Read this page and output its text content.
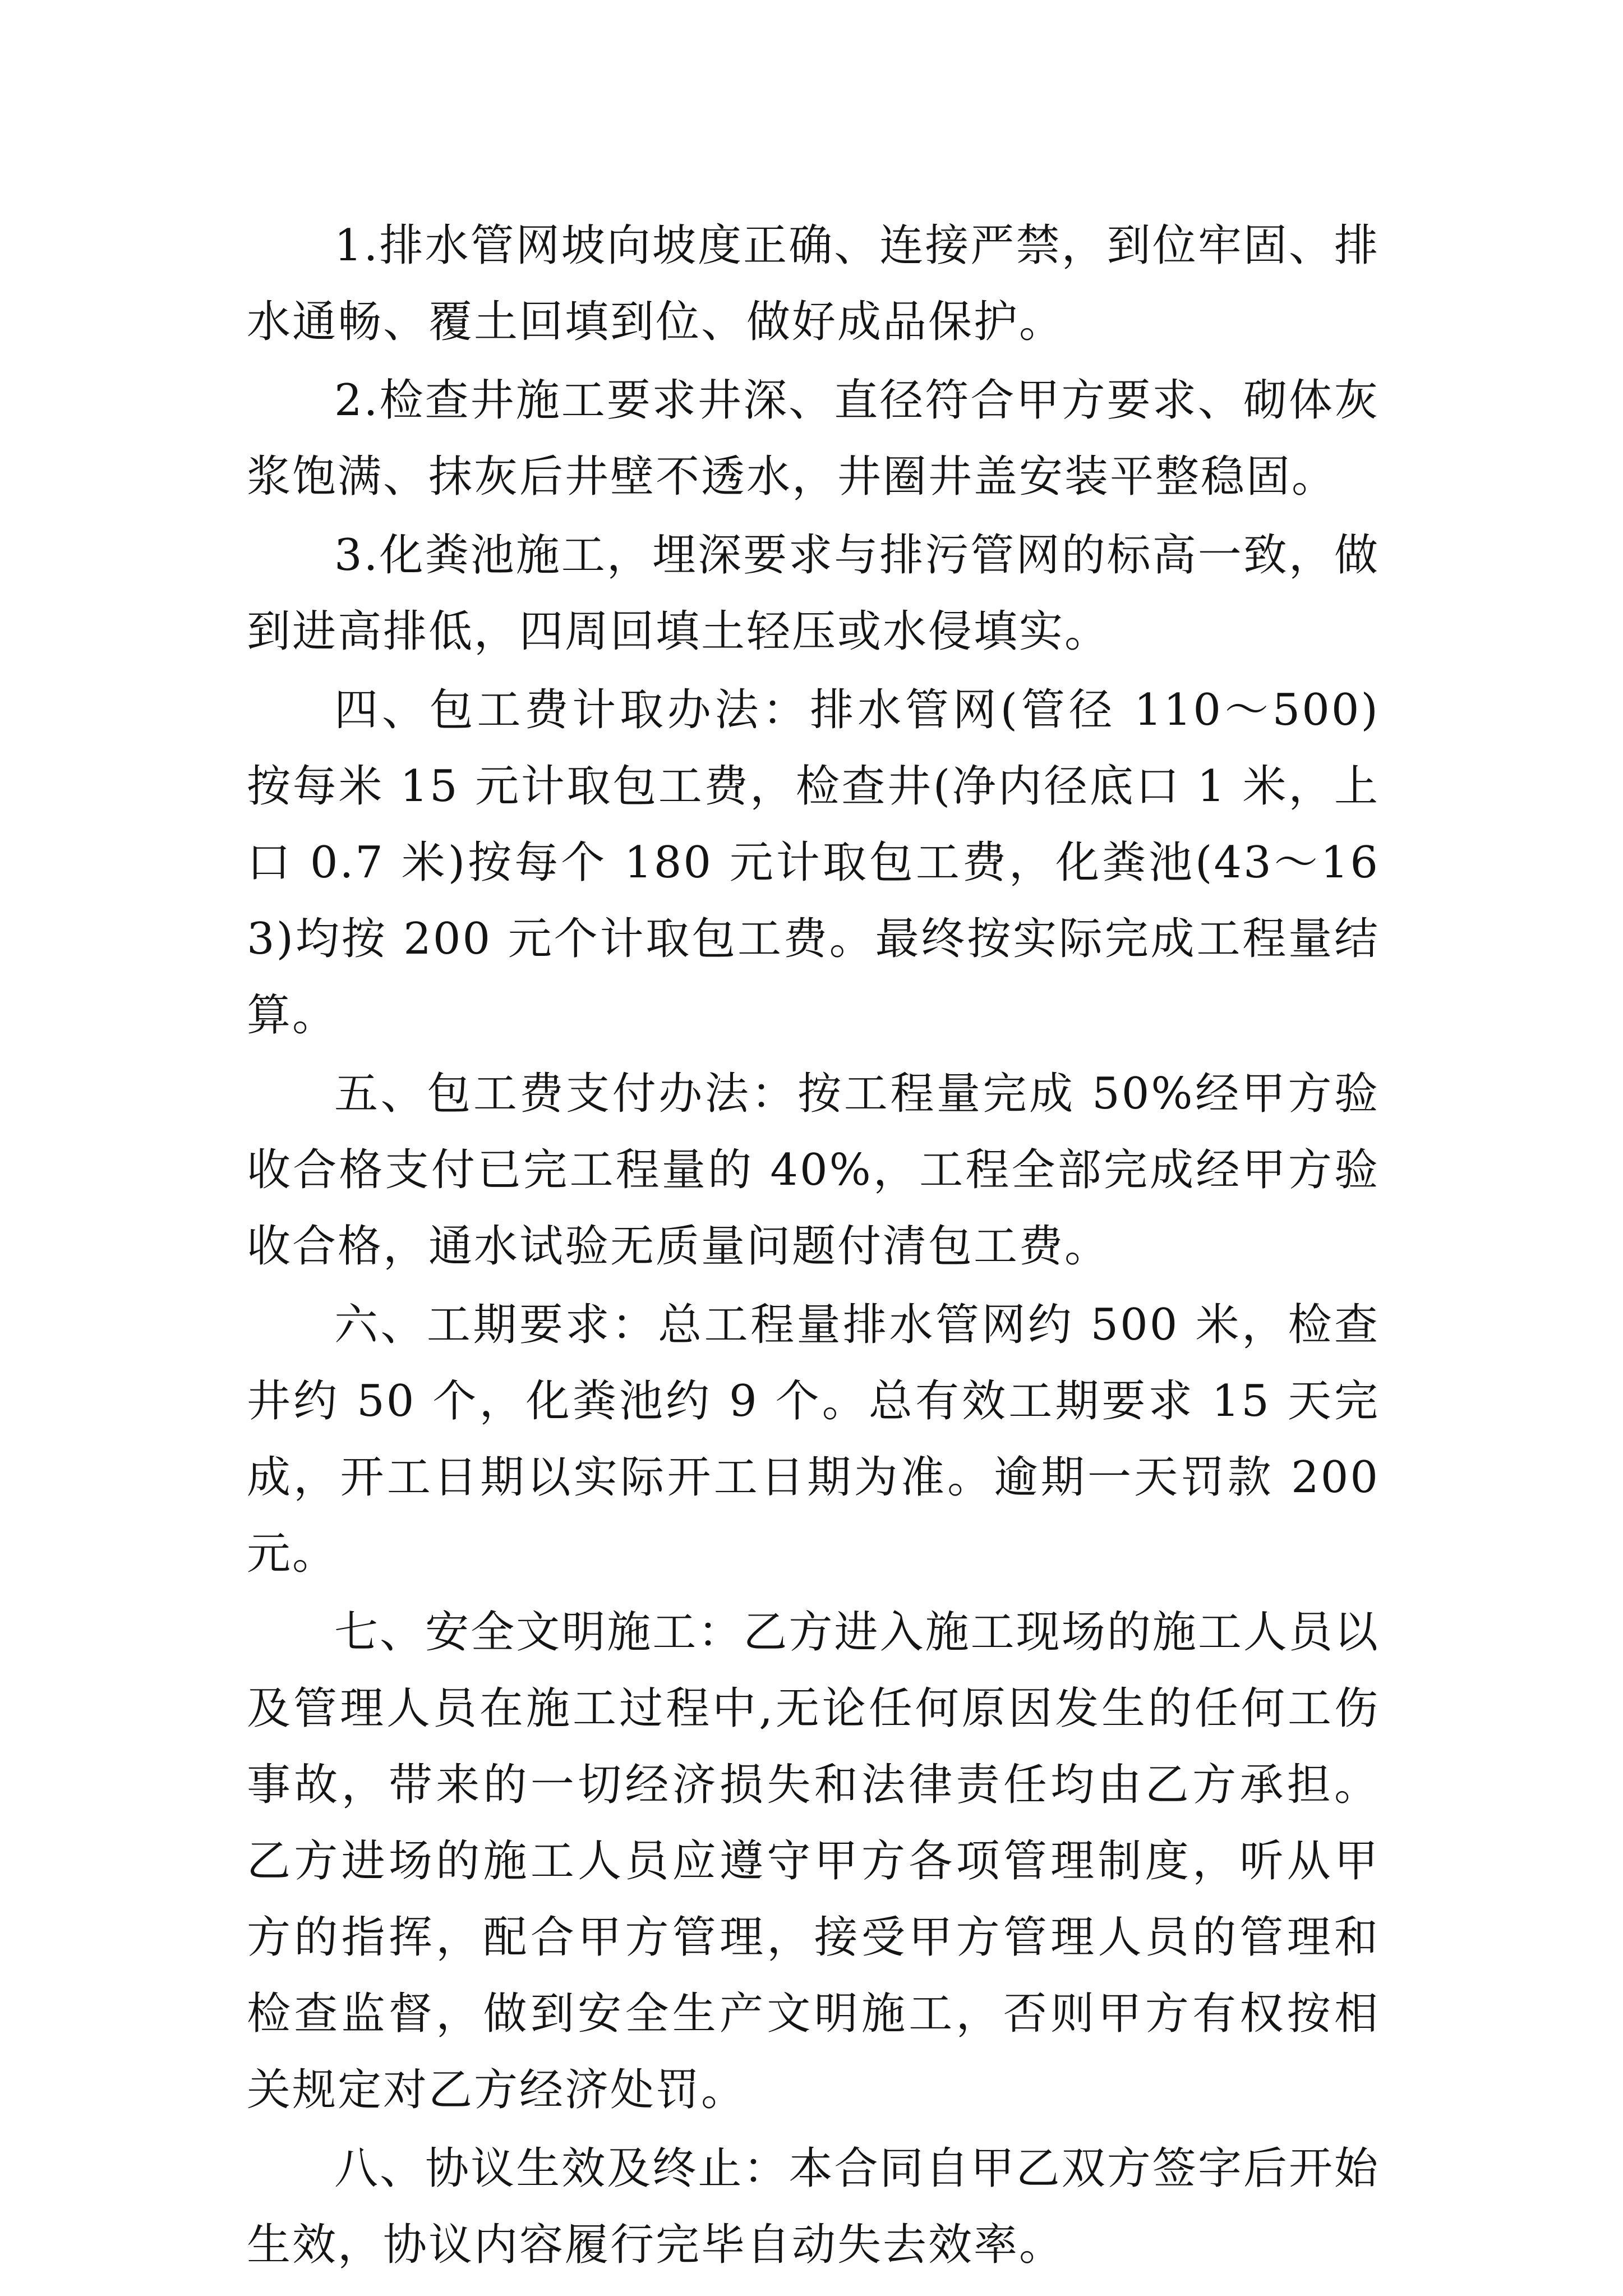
1.排水管网坡向坡度正确、连接严禁，到位牢固、排水通畅、覆土回填到位、做好成品保护。

2.检查井施工要求井深、直径符合甲方要求、砌体灰浆饱满、抹灰后井壁不透水，井圈井盖安装平整稳固。

3.化粪池施工，埋深要求与排污管网的标高一致，做到进高排低，四周回填土轻压或水侵填实。

四、包工费计取办法：排水管网(管径 110～500)按每米 15 元计取包工费，检查井(净内径底口 1 米，上口 0.7 米)按每个 180 元计取包工费，化粪池(43～163)均按 200 元个计取包工费。最终按实际完成工程量结算。

五、包工费支付办法：按工程量完成 50%经甲方验收合格支付已完工程量的 40%，工程全部完成经甲方验收合格，通水试验无质量问题付清包工费。

六、工期要求：总工程量排水管网约 500 米，检查井约 50 个，化粪池约 9 个。总有效工期要求 15 天完成，开工日期以实际开工日期为准。逾期一天罚款 200 元。

七、安全文明施工：乙方进入施工现场的施工人员以及管理人员在施工过程中,无论任何原因发生的任何工伤事故，带来的一切经济损失和法律责任均由乙方承担。乙方进场的施工人员应遵守甲方各项管理制度，听从甲方的指挥，配合甲方管理，接受甲方管理人员的管理和检查监督，做到安全生产文明施工，否则甲方有权按相关规定对乙方经济处罚。

八、协议生效及终止：本合同自甲乙双方签字后开始生效，协议内容履行完毕自动失去效率。
